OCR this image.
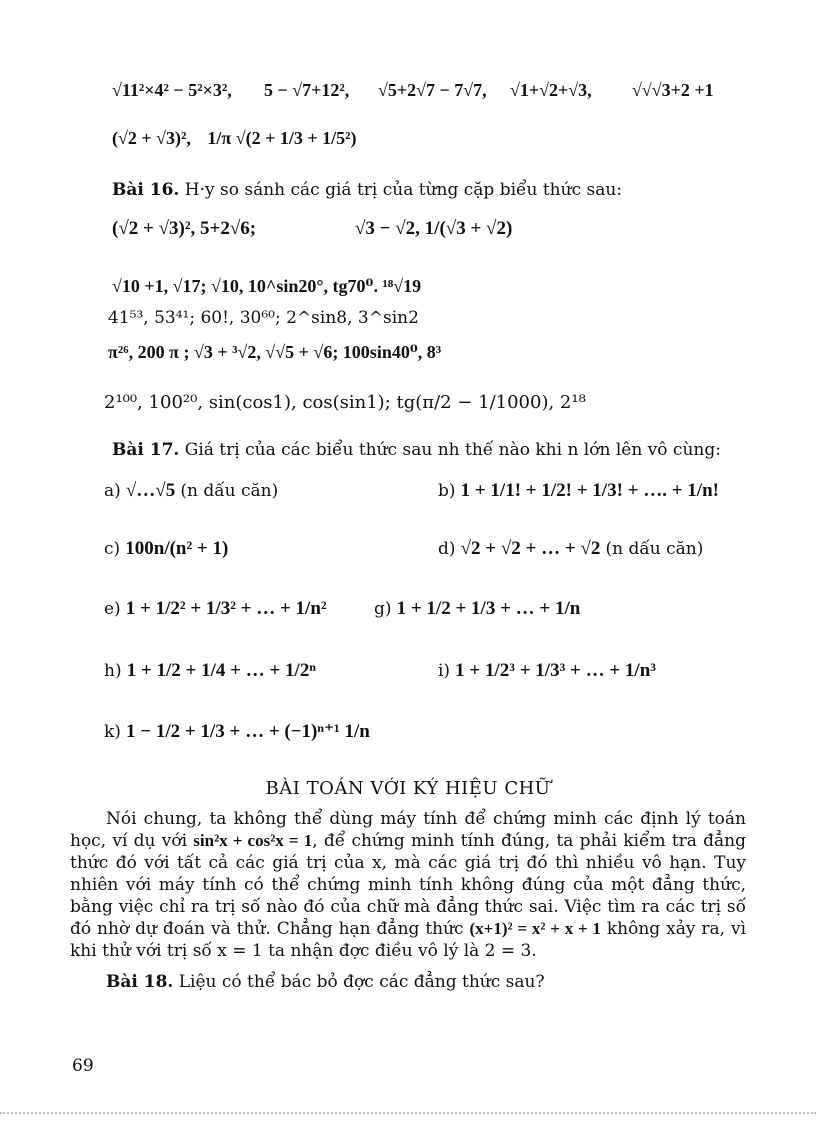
√11²×4² − 5²×3², 5 − √7+12², √5+2√7 − 7√7, √1+√2+√3, √√√3+2 +1
(√2 + √3)², 1/π √(2 + 1/3 + 1/5²)
Bài 16. H·y so sánh các giá trị của từng cặp biểu thức sau:
(√2 + √3)², 5+2√6;	√3 − √2, 1/(√3 + √2)
√10 +1, √17; √10, 10^sin20°, tg70⁰. ¹⁸√19
41⁵³, 53⁴¹; 60!, 30⁶⁰; 2^sin8, 3^sin2
π²⁶, 200 π ; √3 + ³√2, √√5 + √6; 100sin40⁰, 8³
2¹⁰⁰, 100²⁰, sin(cos1), cos(sin1); tg(π/2 − 1/1000), 2¹⁸
Bài 17. Giá trị của các biểu thức sau nh thế nào khi n lớn lên vô cùng:
a) √…√5 (n dấu căn)	b) 1 + 1/1! + 1/2! + 1/3! + …. + 1/n!
c) 100n/(n² + 1)	d) √2 + √2 + … + √2 (n dấu căn)
e) 1 + 1/2² + 1/3² + … + 1/n²	g) 1 + 1/2 + 1/3 + … + 1/n
h) 1 + 1/2 + 1/4 + … + 1/2ⁿ	i) 1 + 1/2³ + 1/3³ + … + 1/n³
k) 1 − 1/2 + 1/3 + … + (−1)ⁿ⁺¹ 1/n
BÀI TOÁN VỚI KÝ HIỆU CHỮ
Nói chung, ta không thể dùng máy tính để chứng minh các định lý toán học, ví dụ với sin²x + cos²x = 1, để chứng minh tính đúng, ta phải kiểm tra đẳng thức đó với tất cả các giá trị của x, mà các giá trị đó thì nhiều vô hạn. Tuy nhiên với máy tính có thể chứng minh tính không đúng của một đẳng thức, bằng việc chỉ ra trị số nào đó của chữ mà đẳng thức sai. Việc tìm ra các trị số đó nhờ dự đoán và thử. Chẳng hạn đẳng thức (x+1)² = x² + x + 1 không xảy ra, vì khi thử với trị số x = 1 ta nhận đợc điều vô lý là 2 = 3.
Bài 18. Liệu có thể bác bỏ đợc các đẳng thức sau?
69
